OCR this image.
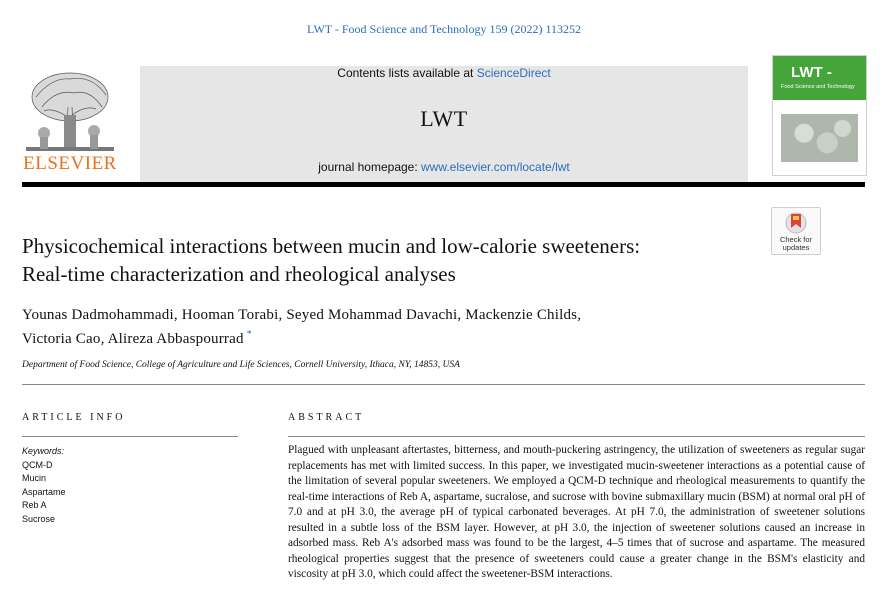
LWT - Food Science and Technology 159 (2022) 113252
ELSEVIER
Contents lists available at ScienceDirect
LWT
journal homepage: www.elsevier.com/locate/lwt
LWT -
Food Science and Technology
Check for
updates
Physicochemical interactions between mucin and low-calorie sweeteners:
Real-time characterization and rheological analyses
Younas Dadmohammadi, Hooman Torabi, Seyed Mohammad Davachi, Mackenzie Childs,
Victoria Cao, Alireza Abbaspourrad *
Department of Food Science, College of Agriculture and Life Sciences, Cornell University, Ithaca, NY, 14853, USA
ARTICLE INFO	ABSTRACT
Keywords:
QCM-D
Mucin
Aspartame
Reb A
Sucrose

Plagued with unpleasant aftertastes, bitterness, and mouth-puckering astringency, the utilization of sweeteners as regular sugar replacements has met with limited success. In this paper, we investigated mucin-sweetener interactions as a potential cause of the limitation of several popular sweeteners. We employed a QCM-D technique and rheological measurements to quantify the real-time interactions of Reb A, aspartame, sucralose, and sucrose with bovine submaxillary mucin (BSM) at normal oral pH of 7.0 and at pH 3.0, the average pH of typical carbonated beverages. At pH 7.0, the administration of sweetener solutions resulted in a subtle loss of the BSM layer. However, at pH 3.0, the injection of sweetener solutions caused an increase in adsorbed mass. Reb A's adsorbed mass was found to be the largest, 4–5 times that of sucrose and aspartame. The measured rheological properties suggest that the presence of sweeteners could cause a greater change in the BSM's elasticity and viscosity at pH 3.0, which could affect the sweetener-BSM interactions.
